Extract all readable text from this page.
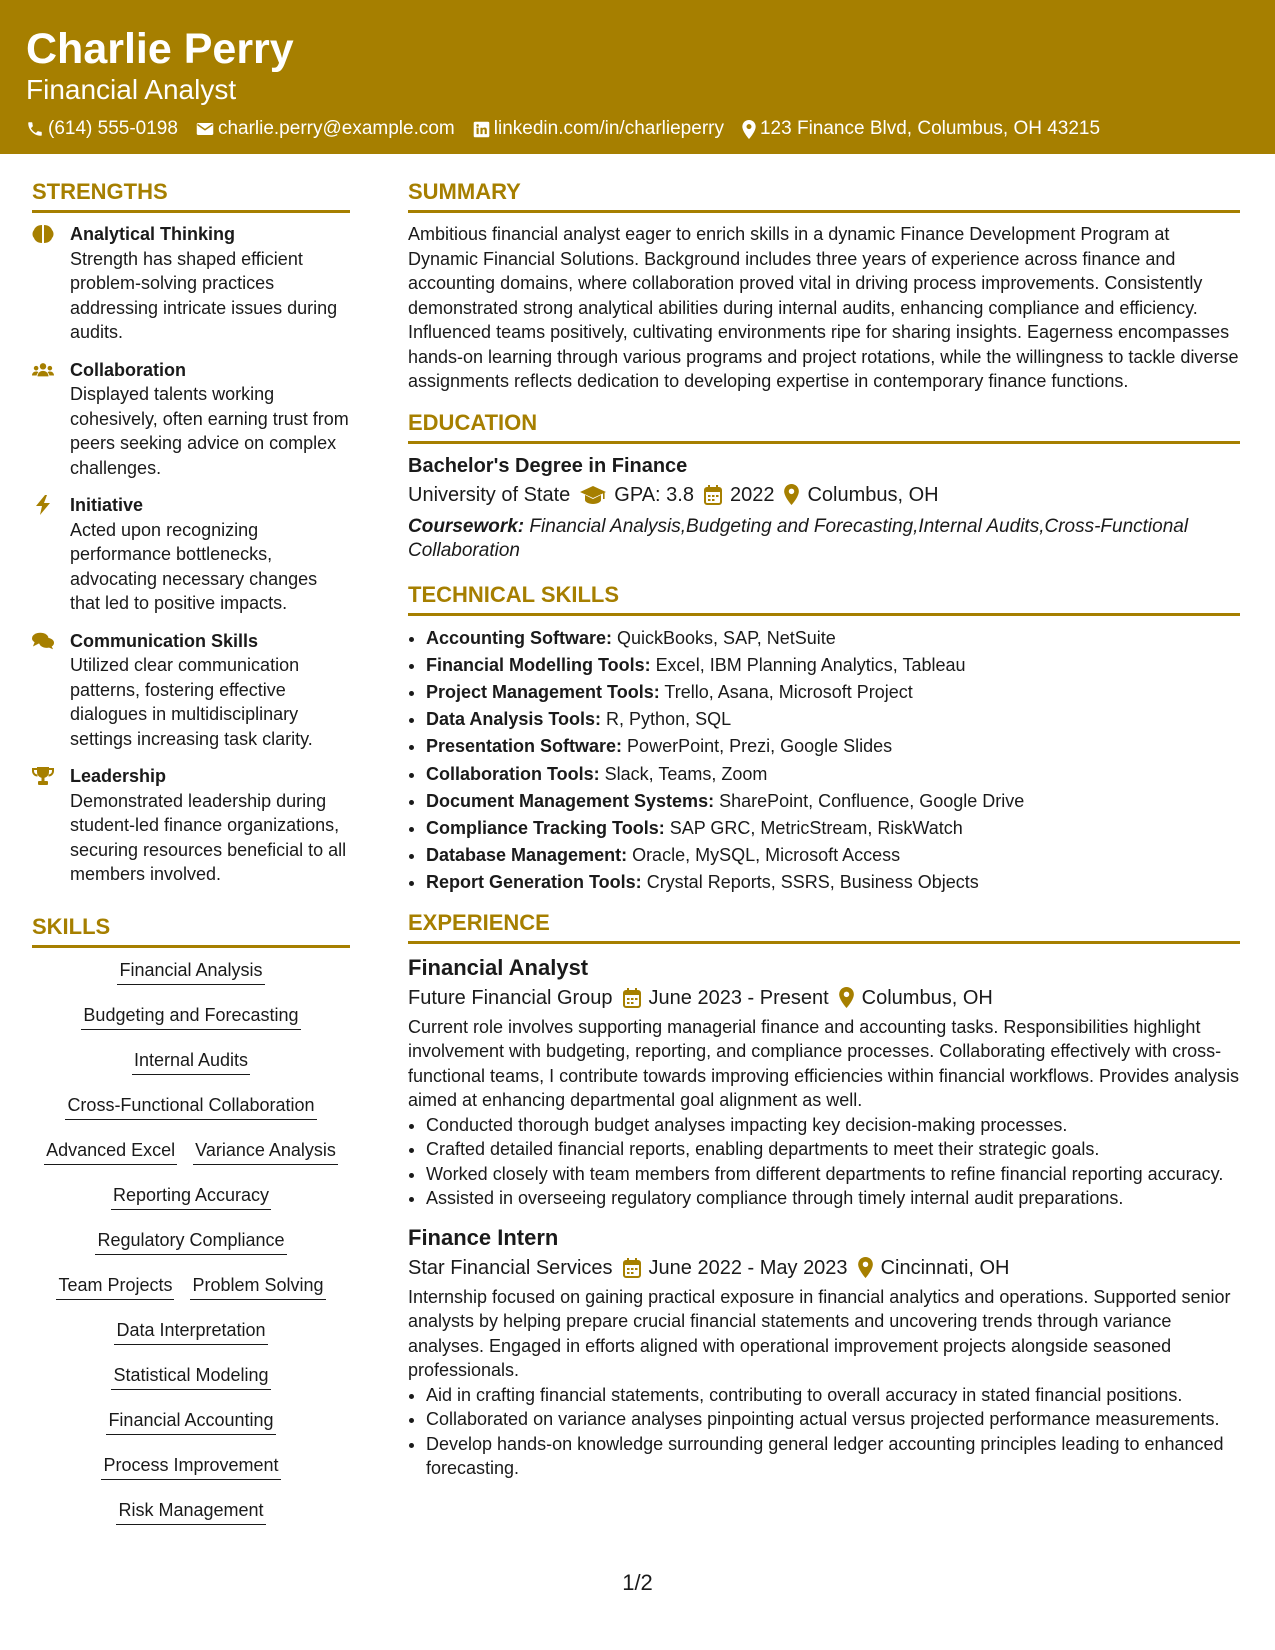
Charlie Perry
Financial Analyst
(614) 555-0198 charlie.perry@example.com linkedin.com/in/charlieperry 123 Finance Blvd, Columbus, OH 43215
STRENGTHS
Analytical Thinking
Strength has shaped efficient problem-solving practices addressing intricate issues during audits.
Collaboration
Displayed talents working cohesively, often earning trust from peers seeking advice on complex challenges.
Initiative
Acted upon recognizing performance bottlenecks, advocating necessary changes that led to positive impacts.
Communication Skills
Utilized clear communication patterns, fostering effective dialogues in multidisciplinary settings increasing task clarity.
Leadership
Demonstrated leadership during student-led finance organizations, securing resources beneficial to all members involved.
SKILLS
Financial Analysis
Budgeting and Forecasting
Internal Audits
Cross-Functional Collaboration
Advanced Excel Variance Analysis
Reporting Accuracy
Regulatory Compliance
Team Projects Problem Solving
Data Interpretation
Statistical Modeling
Financial Accounting
Process Improvement
Risk Management
SUMMARY
Ambitious financial analyst eager to enrich skills in a dynamic Finance Development Program at Dynamic Financial Solutions. Background includes three years of experience across finance and accounting domains, where collaboration proved vital in driving process improvements. Consistently demonstrated strong analytical abilities during internal audits, enhancing compliance and efficiency. Influenced teams positively, cultivating environments ripe for sharing insights. Eagerness encompasses hands-on learning through various programs and project rotations, while the willingness to tackle diverse assignments reflects dedication to developing expertise in contemporary finance functions.
EDUCATION
Bachelor's Degree in Finance
University of State GPA: 3.8 2022 Columbus, OH
Coursework: Financial Analysis,Budgeting and Forecasting,Internal Audits,Cross-Functional Collaboration
TECHNICAL SKILLS
• Accounting Software: QuickBooks, SAP, NetSuite
• Financial Modelling Tools: Excel, IBM Planning Analytics, Tableau
• Project Management Tools: Trello, Asana, Microsoft Project
• Data Analysis Tools: R, Python, SQL
• Presentation Software: PowerPoint, Prezi, Google Slides
• Collaboration Tools: Slack, Teams, Zoom
• Document Management Systems: SharePoint, Confluence, Google Drive
• Compliance Tracking Tools: SAP GRC, MetricStream, RiskWatch
• Database Management: Oracle, MySQL, Microsoft Access
• Report Generation Tools: Crystal Reports, SSRS, Business Objects
EXPERIENCE
Financial Analyst
Future Financial Group June 2023 - Present Columbus, OH
Current role involves supporting managerial finance and accounting tasks. Responsibilities highlight involvement with budgeting, reporting, and compliance processes. Collaborating effectively with cross-functional teams, I contribute towards improving efficiencies within financial workflows. Provides analysis aimed at enhancing departmental goal alignment as well.
• Conducted thorough budget analyses impacting key decision-making processes.
• Crafted detailed financial reports, enabling departments to meet their strategic goals.
• Worked closely with team members from different departments to refine financial reporting accuracy.
• Assisted in overseeing regulatory compliance through timely internal audit preparations.
Finance Intern
Star Financial Services June 2022 - May 2023 Cincinnati, OH
Internship focused on gaining practical exposure in financial analytics and operations. Supported senior analysts by helping prepare crucial financial statements and uncovering trends through variance analyses. Engaged in efforts aligned with operational improvement projects alongside seasoned professionals.
• Aid in crafting financial statements, contributing to overall accuracy in stated financial positions.
• Collaborated on variance analyses pinpointing actual versus projected performance measurements.
• Develop hands-on knowledge surrounding general ledger accounting principles leading to enhanced forecasting.
1/2
